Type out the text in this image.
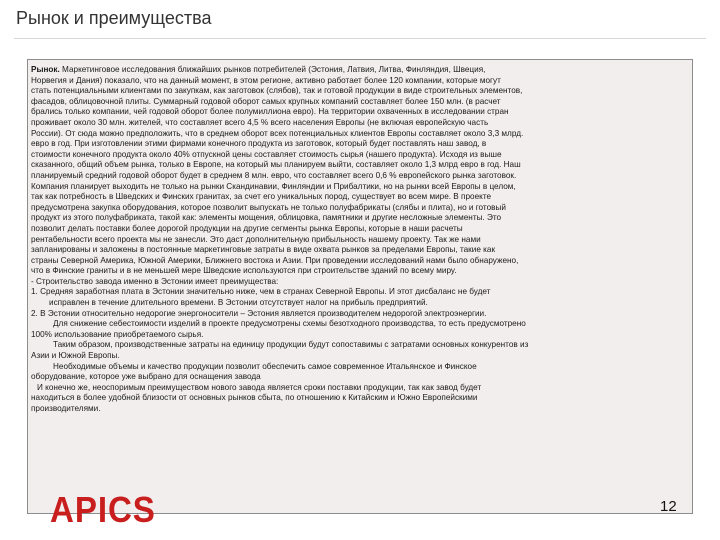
Рынок и преимущества
Рынок. Маркетинговое исследования ближайших рынков потребителей (Эстония, Латвия, Литва, Финляндия, Швеция,
Норвегия и Дания) показало, что на данный момент, в этом регионе, активно работает более 120 компании, которые могут
стать потенциальными клиентами по закупкам, как заготовок (слябов), так и готовой продукции в виде строительных элементов,
фасадов, облицовочной плиты. Суммарный годовой оборот самых крупных компаний составляет более 150 млн. (в расчет
брались только компании, чей годовой оборот более полумиллиона евро). На территории охваченных в исследовании стран
проживает около 30 млн. жителей, что составляет всего 4,5 % всего населения Европы (не включая европейскую часть
России). От сюда можно предположить, что в среднем оборот всех потенциальных клиентов Европы составляет около 3,3 млрд.
евро в год. При изготовлении этими фирмами конечного продукта из заготовок, который будет поставлять наш завод, в
стоимости конечного продукта около 40% отпускной цены составляет стоимость сырья (нашего продукта). Исходя из выше
сказанного, общий объем рынка, только в Европе, на который мы планируем выйти, составляет около 1,3 млрд евро в год. Наш
планируемый средний годовой оборот будет в среднем 8 млн. евро, что составляет всего 0,6 % европейского рынка заготовок.
Компания планирует выходить не только на рынки Скандинавии, Финляндии и Прибалтики, но на рынки всей Европы в целом,
так как потребность в Шведских и Финских гранитах, за счет его уникальных пород, существует во всем мире. В проекте
предусмотрена закупка оборудования, которое позволит выпускать не только полуфабрикаты (слябы и плита), но и готовый
продукт из этого полуфабриката, такой как: элементы мощения, облицовка, памятники и другие несложные элементы. Это
позволит делать поставки более дорогой продукции на другие сегменты рынка Европы, которые в наши расчеты
рентабельности всего проекта мы не занесли. Это даст дополнительную прибыльность нашему проекту. Так же нами
запланированы и заложены в постоянные маркетинговые затраты в виде охвата рынков за пределами Европы, такие как
страны Северной Америка, Южной Америки, Ближнего востока и Азии. При проведении исследований нами было обнаружено,
что в Финские граниты и в не меньшей мере Шведские используются при строительстве зданий по всему миру.
- Строительство завода именно в Эстонии имеет преимущества:
1. Средняя заработная плата в Эстонии значительно ниже, чем в странах Северной Европы. И этот дисбаланс не будет
исправлен в течение длительного времени. В Эстонии отсутствует налог на прибыль предприятий.
2. В Эстонии относительно недорогие энергоносители – Эстония является производителем недорогой электроэнергии.
Для снижение себестоимости изделий в проекте предусмотрены схемы безотходного производства, то есть предусмотрено
100% использование приобретаемого сырья.
Таким образом, производственные затраты на единицу продукции будут сопоставимы с затратами основных конкурентов из
Азии и Южной Европы.
Необходимые объемы и качество продукции позволит обеспечить самое современное Итальянское и Финское
оборудование, которое уже выбрано для оснащения завода
И конечно же, неоспоримым преимуществом нового завода является сроки поставки продукции, так как завод будет
находиться в более удобной близости от основных рынков сбыта, по отношению к Китайским и Южно Европейскими
производителями.
APICS	12
